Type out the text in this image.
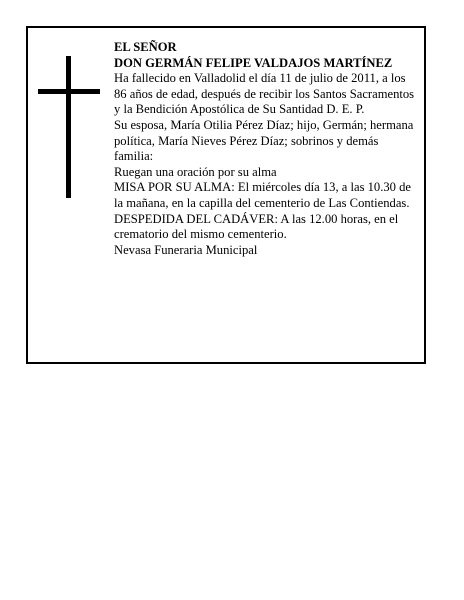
EL SEÑOR

DON GERMÁN FELIPE VALDAJOS MARTÍNEZ

Ha fallecido en Valladolid el día 11 de julio de 2011, a los 86 años de edad, después de recibir los Santos Sacramentos y la Bendición Apostólica de Su Santidad D. E. P.

Su esposa, María Otilia Pérez Díaz; hijo, Germán; hermana política, María Nieves Pérez Díaz; sobrinos y demás familia:

Ruegan una oración por su alma

MISA POR SU ALMA: El miércoles día 13, a las 10.30 de la mañana, en la capilla del cementerio de Las Contiendas.

DESPEDIDA DEL CADÁVER: A las 12.00 horas, en el crematorio del mismo cementerio.

Nevasa Funeraria Municipal
